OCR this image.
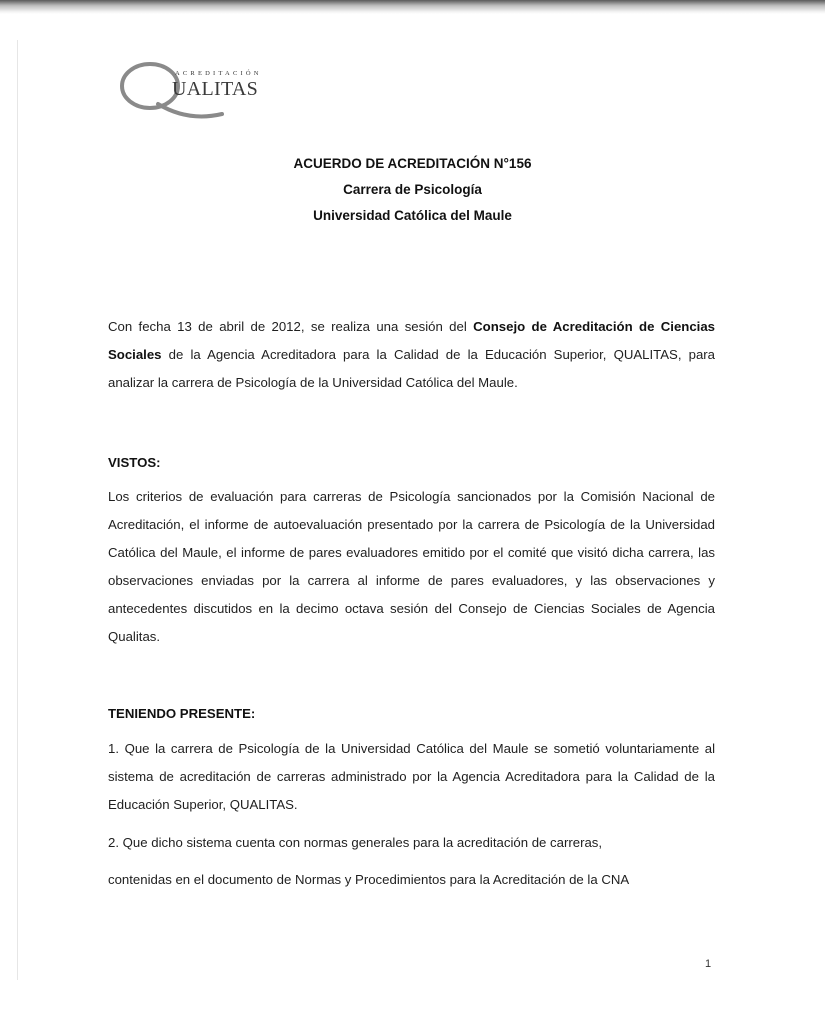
ACREDITACIÓN
UALITAS
ACUERDO DE ACREDITACIÓN N°156
Carrera de Psicología
Universidad Católica del Maule
Con fecha 13 de abril de 2012, se realiza una sesión del Consejo de Acreditación de Ciencias Sociales de la Agencia Acreditadora para la Calidad de la Educación Superior, QUALITAS, para analizar la carrera de Psicología de la Universidad Católica del Maule.
VISTOS:
Los criterios de evaluación para carreras de Psicología sancionados por la Comisión Nacional de Acreditación, el informe de autoevaluación presentado por la carrera de Psicología de la Universidad Católica del Maule, el informe de pares evaluadores emitido por el comité que visitó dicha carrera, las observaciones enviadas por la carrera al informe de pares evaluadores, y las observaciones y antecedentes discutidos en la decimo octava sesión del Consejo de Ciencias Sociales de Agencia Qualitas.
TENIENDO PRESENTE:
1. Que la carrera de Psicología de la Universidad Católica del Maule se sometió voluntariamente al sistema de acreditación de carreras administrado por la Agencia Acreditadora para la Calidad de la Educación Superior, QUALITAS.
2. Que dicho sistema cuenta con normas generales para la acreditación de carreras,
contenidas en el documento de Normas y Procedimientos para la Acreditación de la CNA
1
